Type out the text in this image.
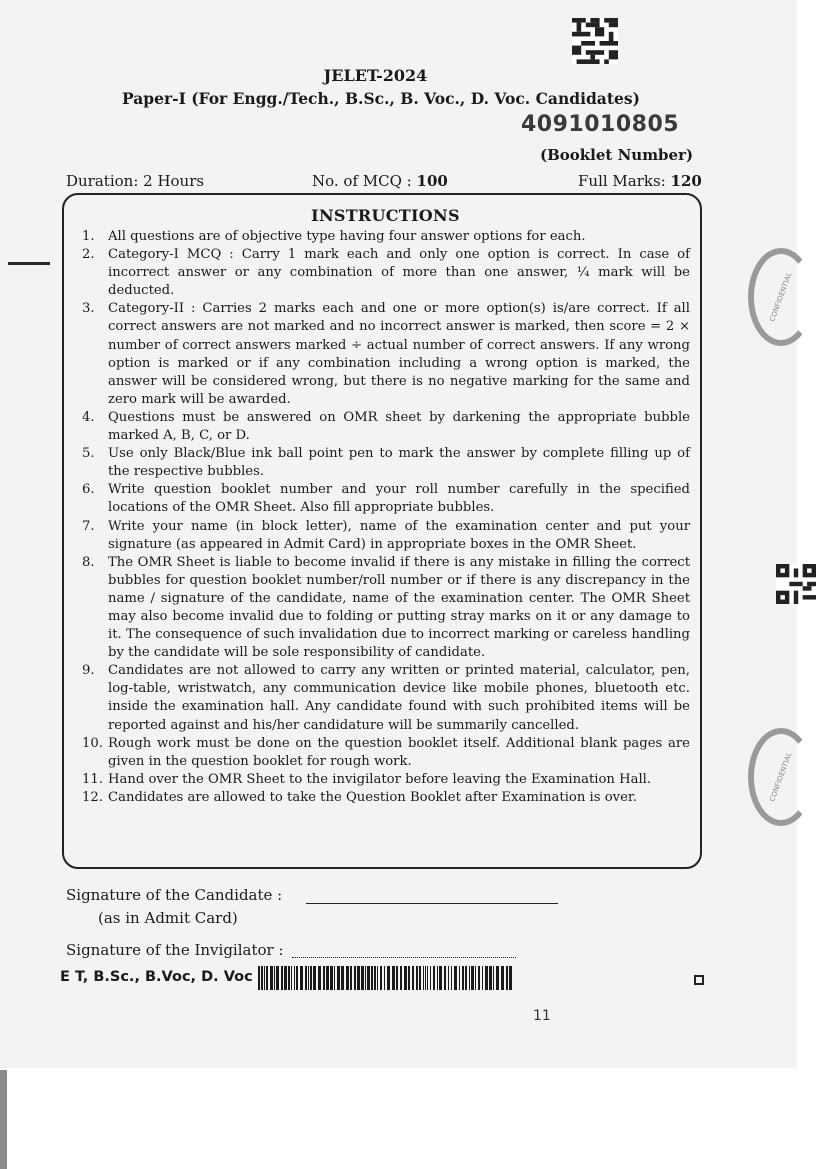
CONFIDENTIAL
CONFIDENTIAL
JELET-2024
Paper-I (For Engg./Tech., B.Sc., B. Voc., D. Voc. Candidates)
4091010805
(Booklet Number)
Duration: 2 Hours	No. of MCQ : 100	Full Marks: 120
INSTRUCTIONS
1.	All questions are of objective type having four answer options for each.
2.	Category-I MCQ : Carry 1 mark each and only one option is correct. In case of incorrect answer or any combination of more than one answer, ¼ mark will be deducted.
3.	Category-II : Carries 2 marks each and one or more option(s) is/are correct. If all correct answers are not marked and no incorrect answer is marked, then score = 2 × number of correct answers marked ÷ actual number of correct answers. If any wrong option is marked or if any combination including a wrong option is marked, the answer will be considered wrong, but there is no negative marking for the same and zero mark will be awarded.
4.	Questions must be answered on OMR sheet by darkening the appropriate bubble marked A, B, C, or D.
5.	Use only Black/Blue ink ball point pen to mark the answer by complete filling up of the respective bubbles.
6.	Write question booklet number and your roll number carefully in the specified locations of the OMR Sheet. Also fill appropriate bubbles.
7.	Write your name (in block letter), name of the examination center and put your signature (as appeared in Admit Card) in appropriate boxes in the OMR Sheet.
8.	The OMR Sheet is liable to become invalid if there is any mistake in filling the correct bubbles for question booklet number/roll number or if there is any discrepancy in the name / signature of the candidate, name of the examination center. The OMR Sheet may also become invalid due to folding or putting stray marks on it or any damage to it. The consequence of such invalidation due to incorrect marking or careless handling by the candidate will be sole responsibility of candidate.
9.	Candidates are not allowed to carry any written or printed material, calculator, pen, log-table, wristwatch, any communication device like mobile phones, bluetooth etc. inside the examination hall. Any candidate found with such prohibited items will be reported against and his/her candidature will be summarily cancelled.
10. Rough work must be done on the question booklet itself. Additional blank pages are given in the question booklet for rough work.
11. Hand over the OMR Sheet to the invigilator before leaving the Examination Hall.
12. Candidates are allowed to take the Question Booklet after Examination is over.
Signature of the Candidate :
(as in Admit Card)
Signature of the Invigilator :
E T, B.Sc., B.Voc, D. Voc
11
